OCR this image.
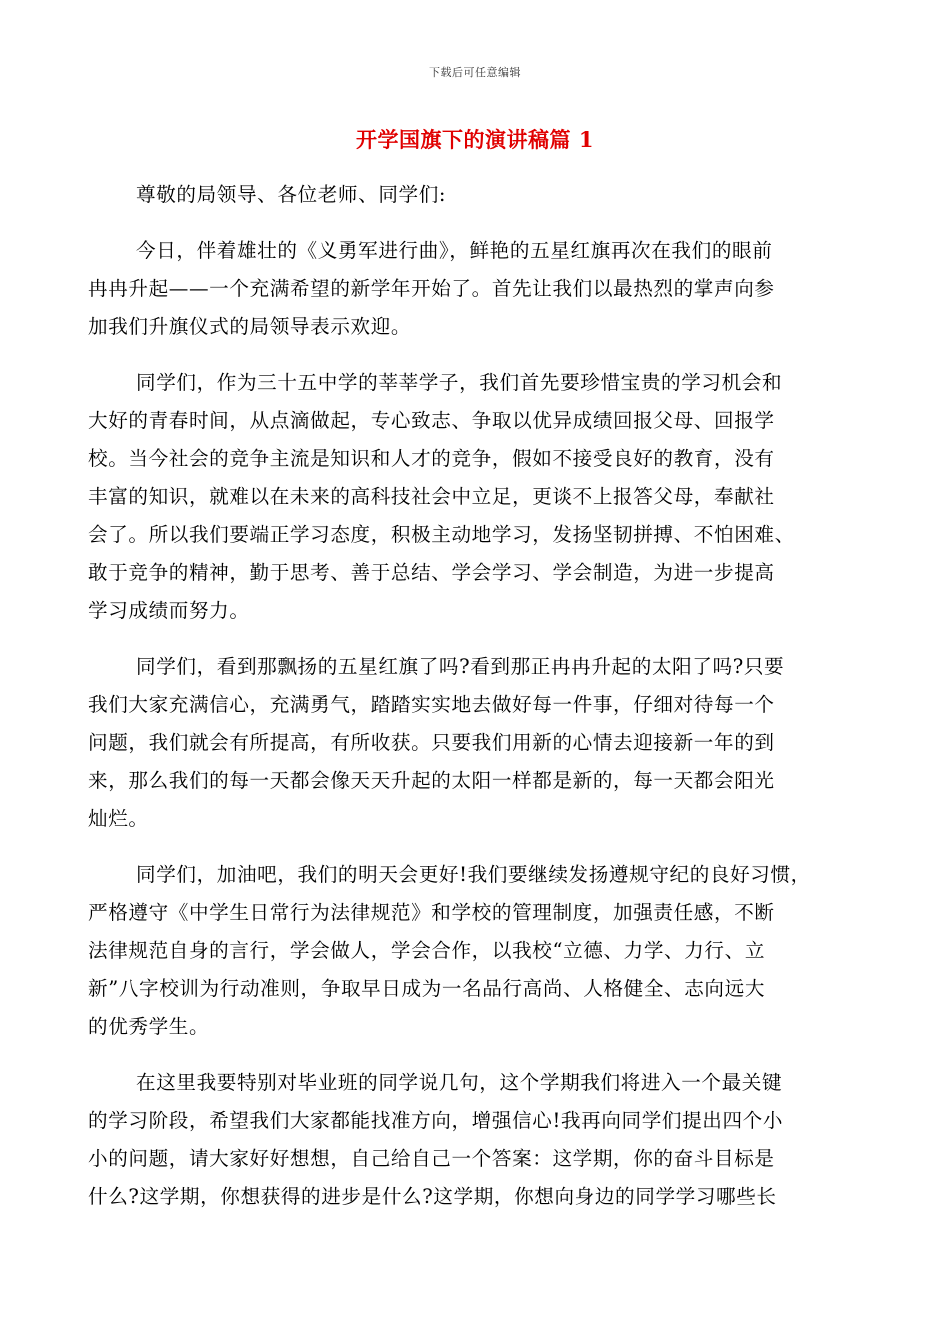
下载后可任意编辑
开学国旗下的演讲稿篇 1
尊敬的局领导、各位老师、同学们:
今日，伴着雄壮的《义勇军进行曲》，鲜艳的五星红旗再次在我们的眼前
冉冉升起——一个充满希望的新学年开始了。首先让我们以最热烈的掌声向参
加我们升旗仪式的局领导表示欢迎。
同学们，作为三十五中学的莘莘学子，我们首先要珍惜宝贵的学习机会和
大好的青春时间，从点滴做起，专心致志、争取以优异成绩回报父母、回报学
校。当今社会的竞争主流是知识和人才的竞争，假如不接受良好的教育，没有
丰富的知识，就难以在未来的高科技社会中立足，更谈不上报答父母，奉献社
会了。所以我们要端正学习态度，积极主动地学习，发扬坚韧拼搏、不怕困难、
敢于竞争的精神，勤于思考、善于总结、学会学习、学会制造，为进一步提高
学习成绩而努力。
同学们，看到那飘扬的五星红旗了吗?看到那正冉冉升起的太阳了吗?只要
我们大家充满信心，充满勇气，踏踏实实地去做好每一件事，仔细对待每一个
问题，我们就会有所提高，有所收获。只要我们用新的心情去迎接新一年的到
来，那么我们的每一天都会像天天升起的太阳一样都是新的，每一天都会阳光
灿烂。
同学们，加油吧，我们的明天会更好!我们要继续发扬遵规守纪的良好习惯，
严格遵守《中学生日常行为法律规范》和学校的管理制度，加强责任感，不断
法律规范自身的言行，学会做人，学会合作，以我校“立德、力学、力行、立
新”八字校训为行动准则，争取早日成为一名品行高尚、人格健全、志向远大
的优秀学生。
在这里我要特别对毕业班的同学说几句，这个学期我们将进入一个最关键
的学习阶段，希望我们大家都能找准方向，增强信心!我再向同学们提出四个小
小的问题，请大家好好想想，自己给自己一个答案：这学期，你的奋斗目标是
什么?这学期，你想获得的进步是什么?这学期，你想向身边的同学学习哪些长
